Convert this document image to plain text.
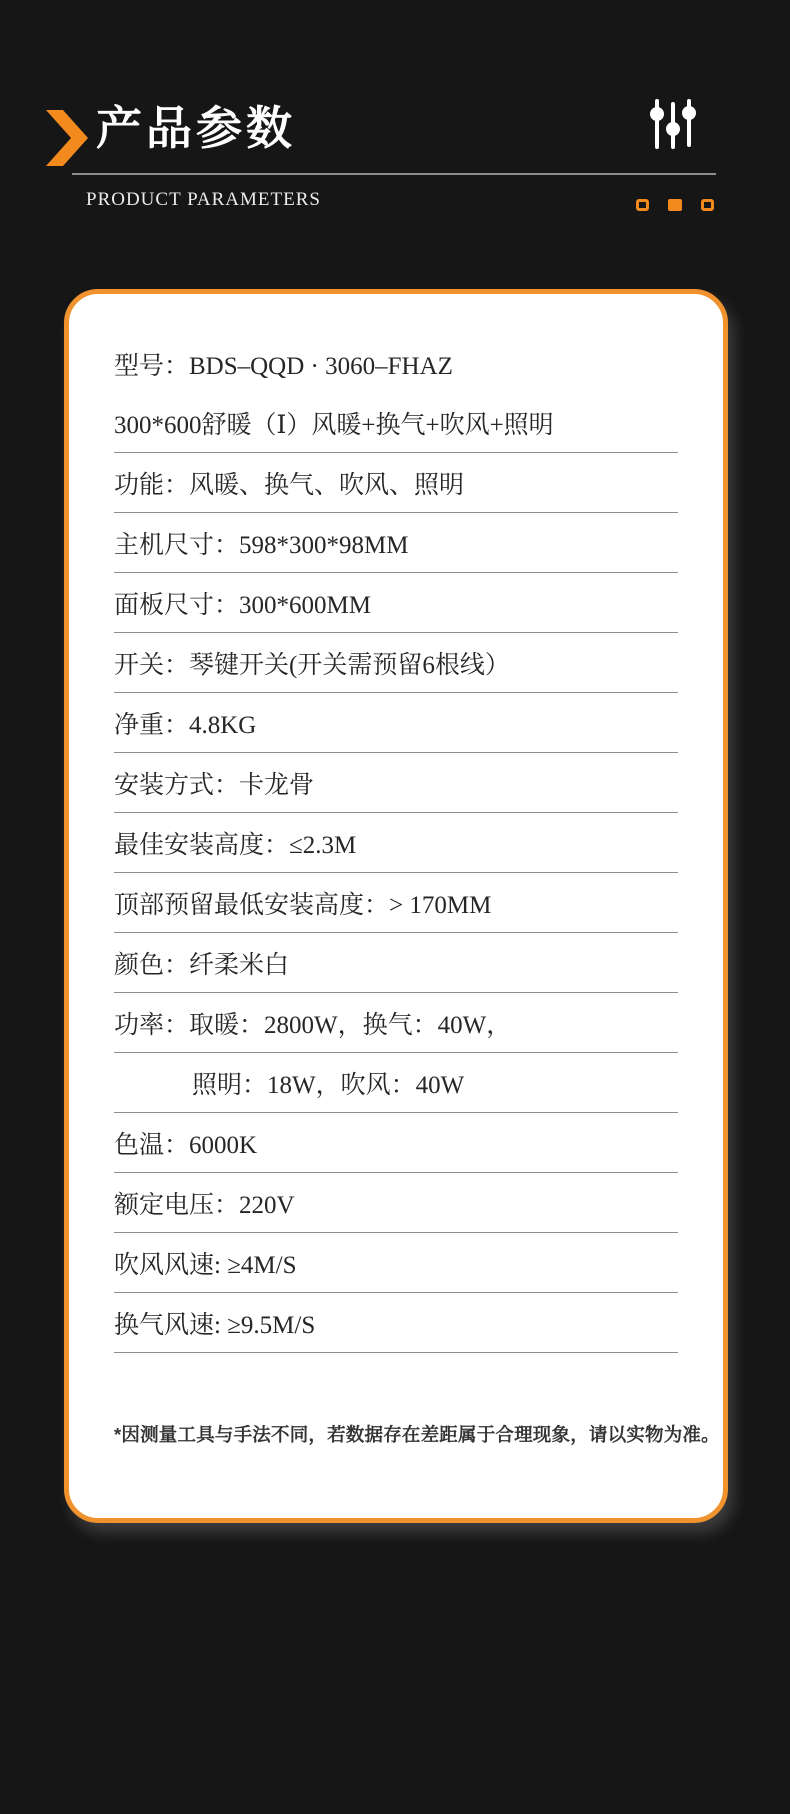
产品参数
PRODUCT PARAMETERS
型号：BDS–QQD · 3060–FHAZ
300*600舒暖（Ⅰ）风暖+换气+吹风+照明
功能：风暖、换气、吹风、照明
主机尺寸：598*300*98MM
面板尺寸：300*600MM
开关：琴键开关(开关需预留6根线）
净重：4.8KG
安装方式：卡龙骨
最佳安装高度：≤2.3M
顶部预留最低安装高度：> 170MM
颜色：纤柔米白
功率：取暖：2800W，换气：40W，
照明：18W，吹风：40W
色温：6000K
额定电压：220V
吹风风速: ≥4M/S
换气风速: ≥9.5M/S

*因测量工具与手法不同，若数据存在差距属于合理现象，请以实物为准。
